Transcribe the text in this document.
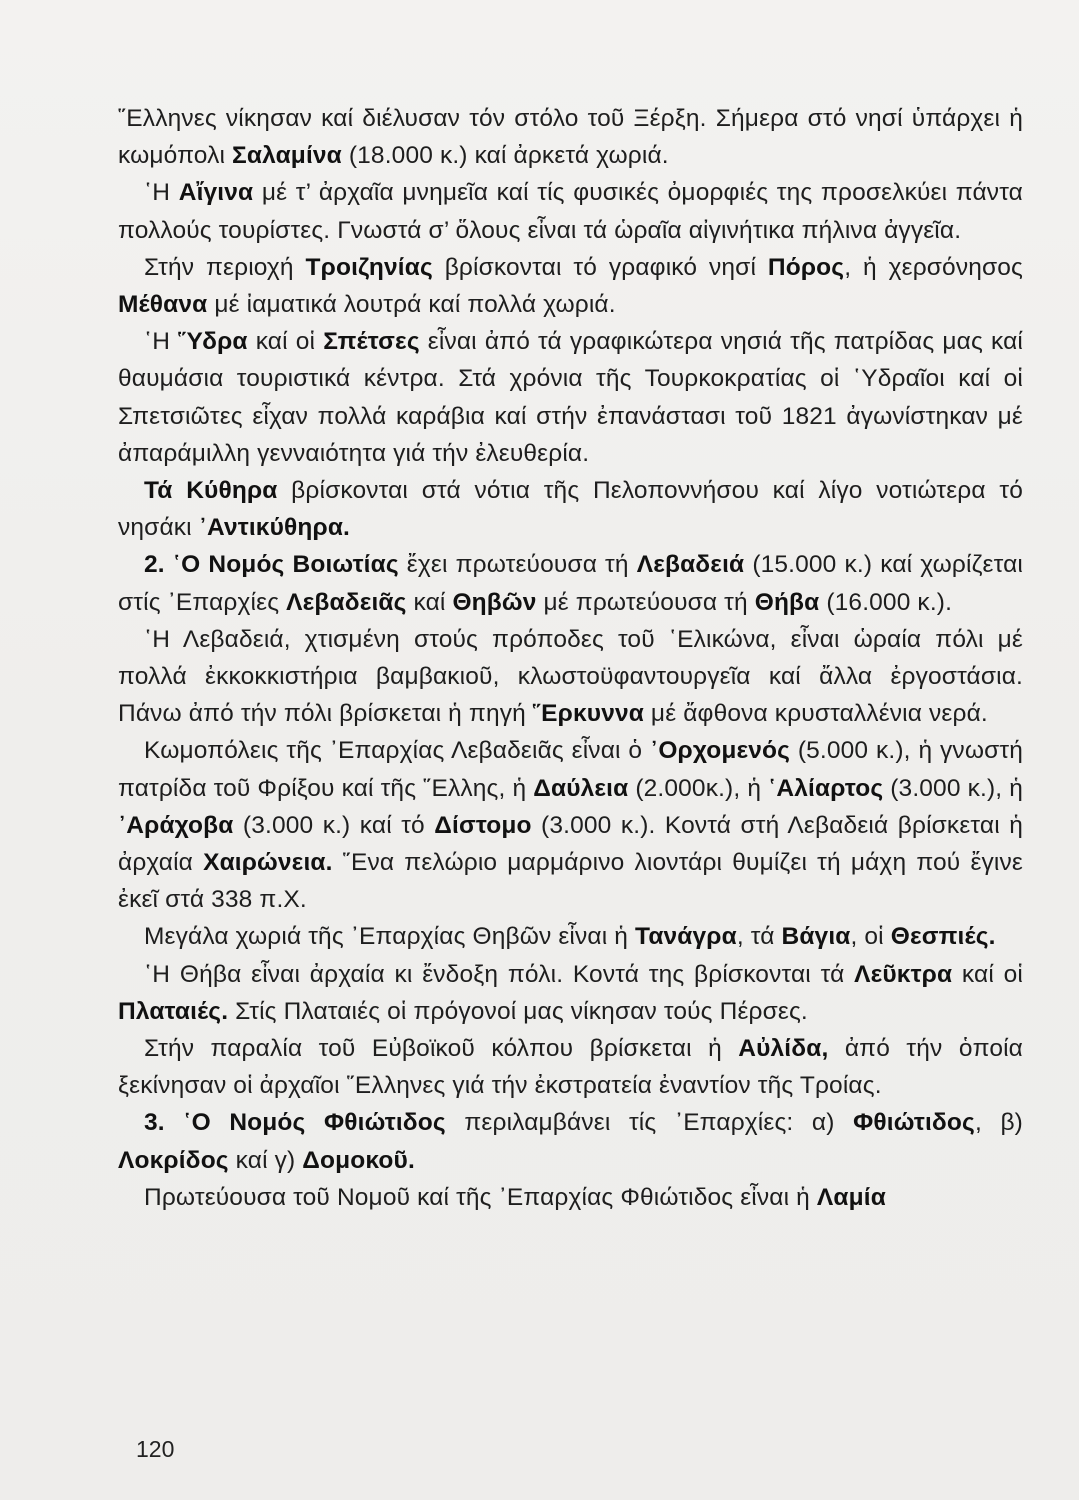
῞Ελληνες νίκησαν καί διέλυσαν τόν στόλο τοῦ Ξέρξη. Σήμερα στό νησί ὑπάρχει ἡ κωμόπολι Σαλαμίνα (18.000 κ.) καί ἀρκετά χωριά.

῾Η Αἴγινα μέ τ’ ἀρχαῖα μνημεῖα καί τίς φυσικές ὀμορφιές της προσελκύει πάντα πολλούς τουρίστες. Γνωστά σ’ ὅλους εἶναι τά ὡραῖα αἰγινήτικα πήλινα ἀγγεῖα.

Στήν περιοχή Τροιζηνίας βρίσκονται τό γραφικό νησί Πόρος, ἡ χερσόνησος Μέθανα μέ ἰαματικά λουτρά καί πολλά χωριά.

῾Η ῞Υδρα καί οἱ Σπέτσες εἶναι ἀπό τά γραφικώτερα νησιά τῆς πατρίδας μας καί θαυμάσια τουριστικά κέντρα. Στά χρόνια τῆς Τουρκοκρατίας οἱ ῾Υδραῖοι καί οἱ Σπετσιῶτες εἶχαν πολλά καράβια καί στήν ἐπανάστασι τοῦ 1821 ἀγωνίστηκαν μέ ἀπαράμιλλη γενναιότητα γιά τήν ἐλευθερία.

Τά Κύθηρα βρίσκονται στά νότια τῆς Πελοποννήσου καί λίγο νοτιώτερα τό νησάκι ᾿Αντικύθηρα.

2. ῾Ο Νομός Βοιωτίας ἔχει πρωτεύουσα τή Λεβαδειά (15.000 κ.) καί χωρίζεται στίς ᾿Επαρχίες Λεβαδειᾶς καί Θηβῶν μέ πρωτεύουσα τή Θήβα (16.000 κ.).

῾Η Λεβαδειά, χτισμένη στούς πρόποδες τοῦ ῾Ελικώνα, εἶναι ὡραία πόλι μέ πολλά ἐκκοκκιστήρια βαμβακιοῦ, κλωστοϋφαντουργεῖα καί ἄλλα ἐργοστάσια. Πάνω ἀπό τήν πόλι βρίσκεται ἡ πηγή ῞Ερκυννα μέ ἄφθονα κρυσταλλένια νερά.

Κωμοπόλεις τῆς ᾿Επαρχίας Λεβαδειᾶς εἶναι ὁ ᾿Ορχομενός (5.000 κ.), ἡ γνωστή πατρίδα τοῦ Φρίξου καί τῆς ῞Ελλης, ἡ Δαύλεια (2.000κ.), ἡ ῾Αλίαρτος (3.000 κ.), ἡ ᾿Αράχοβα (3.000 κ.) καί τό Δίστομο (3.000 κ.). Κοντά στή Λεβαδειά βρίσκεται ἡ ἀρχαία Χαιρώνεια. ῞Ενα πελώριο μαρμάρινο λιοντάρι θυμίζει τή μάχη πού ἔγινε ἐκεῖ στά 338 π.Χ.

Μεγάλα χωριά τῆς ᾿Επαρχίας Θηβῶν εἶναι ἡ Τανάγρα, τά Βάγια, οἱ Θεσπιές.

῾Η Θήβα εἶναι ἀρχαία κι ἔνδοξη πόλι. Κοντά της βρίσκονται τά Λεῦκτρα καί οἱ Πλαταιές. Στίς Πλαταιές οἱ πρόγονοί μας νίκησαν τούς Πέρσες.

Στήν παραλία τοῦ Εὐβοϊκοῦ κόλπου βρίσκεται ἡ Αὐλίδα, ἀπό τήν ὁποία ξεκίνησαν οἱ ἀρχαῖοι ῞Ελληνες γιά τήν ἐκστρατεία ἐναντίον τῆς Τροίας.

3. ῾Ο Νομός Φθιώτιδος περιλαμβάνει τίς ᾿Επαρχίες: α) Φθιώτιδος, β) Λοκρίδος καί γ) Δομοκοῦ.

Πρωτεύουσα τοῦ Νομοῦ καί τῆς ᾿Επαρχίας Φθιώτιδος εἶναι ἡ Λαμία

120
